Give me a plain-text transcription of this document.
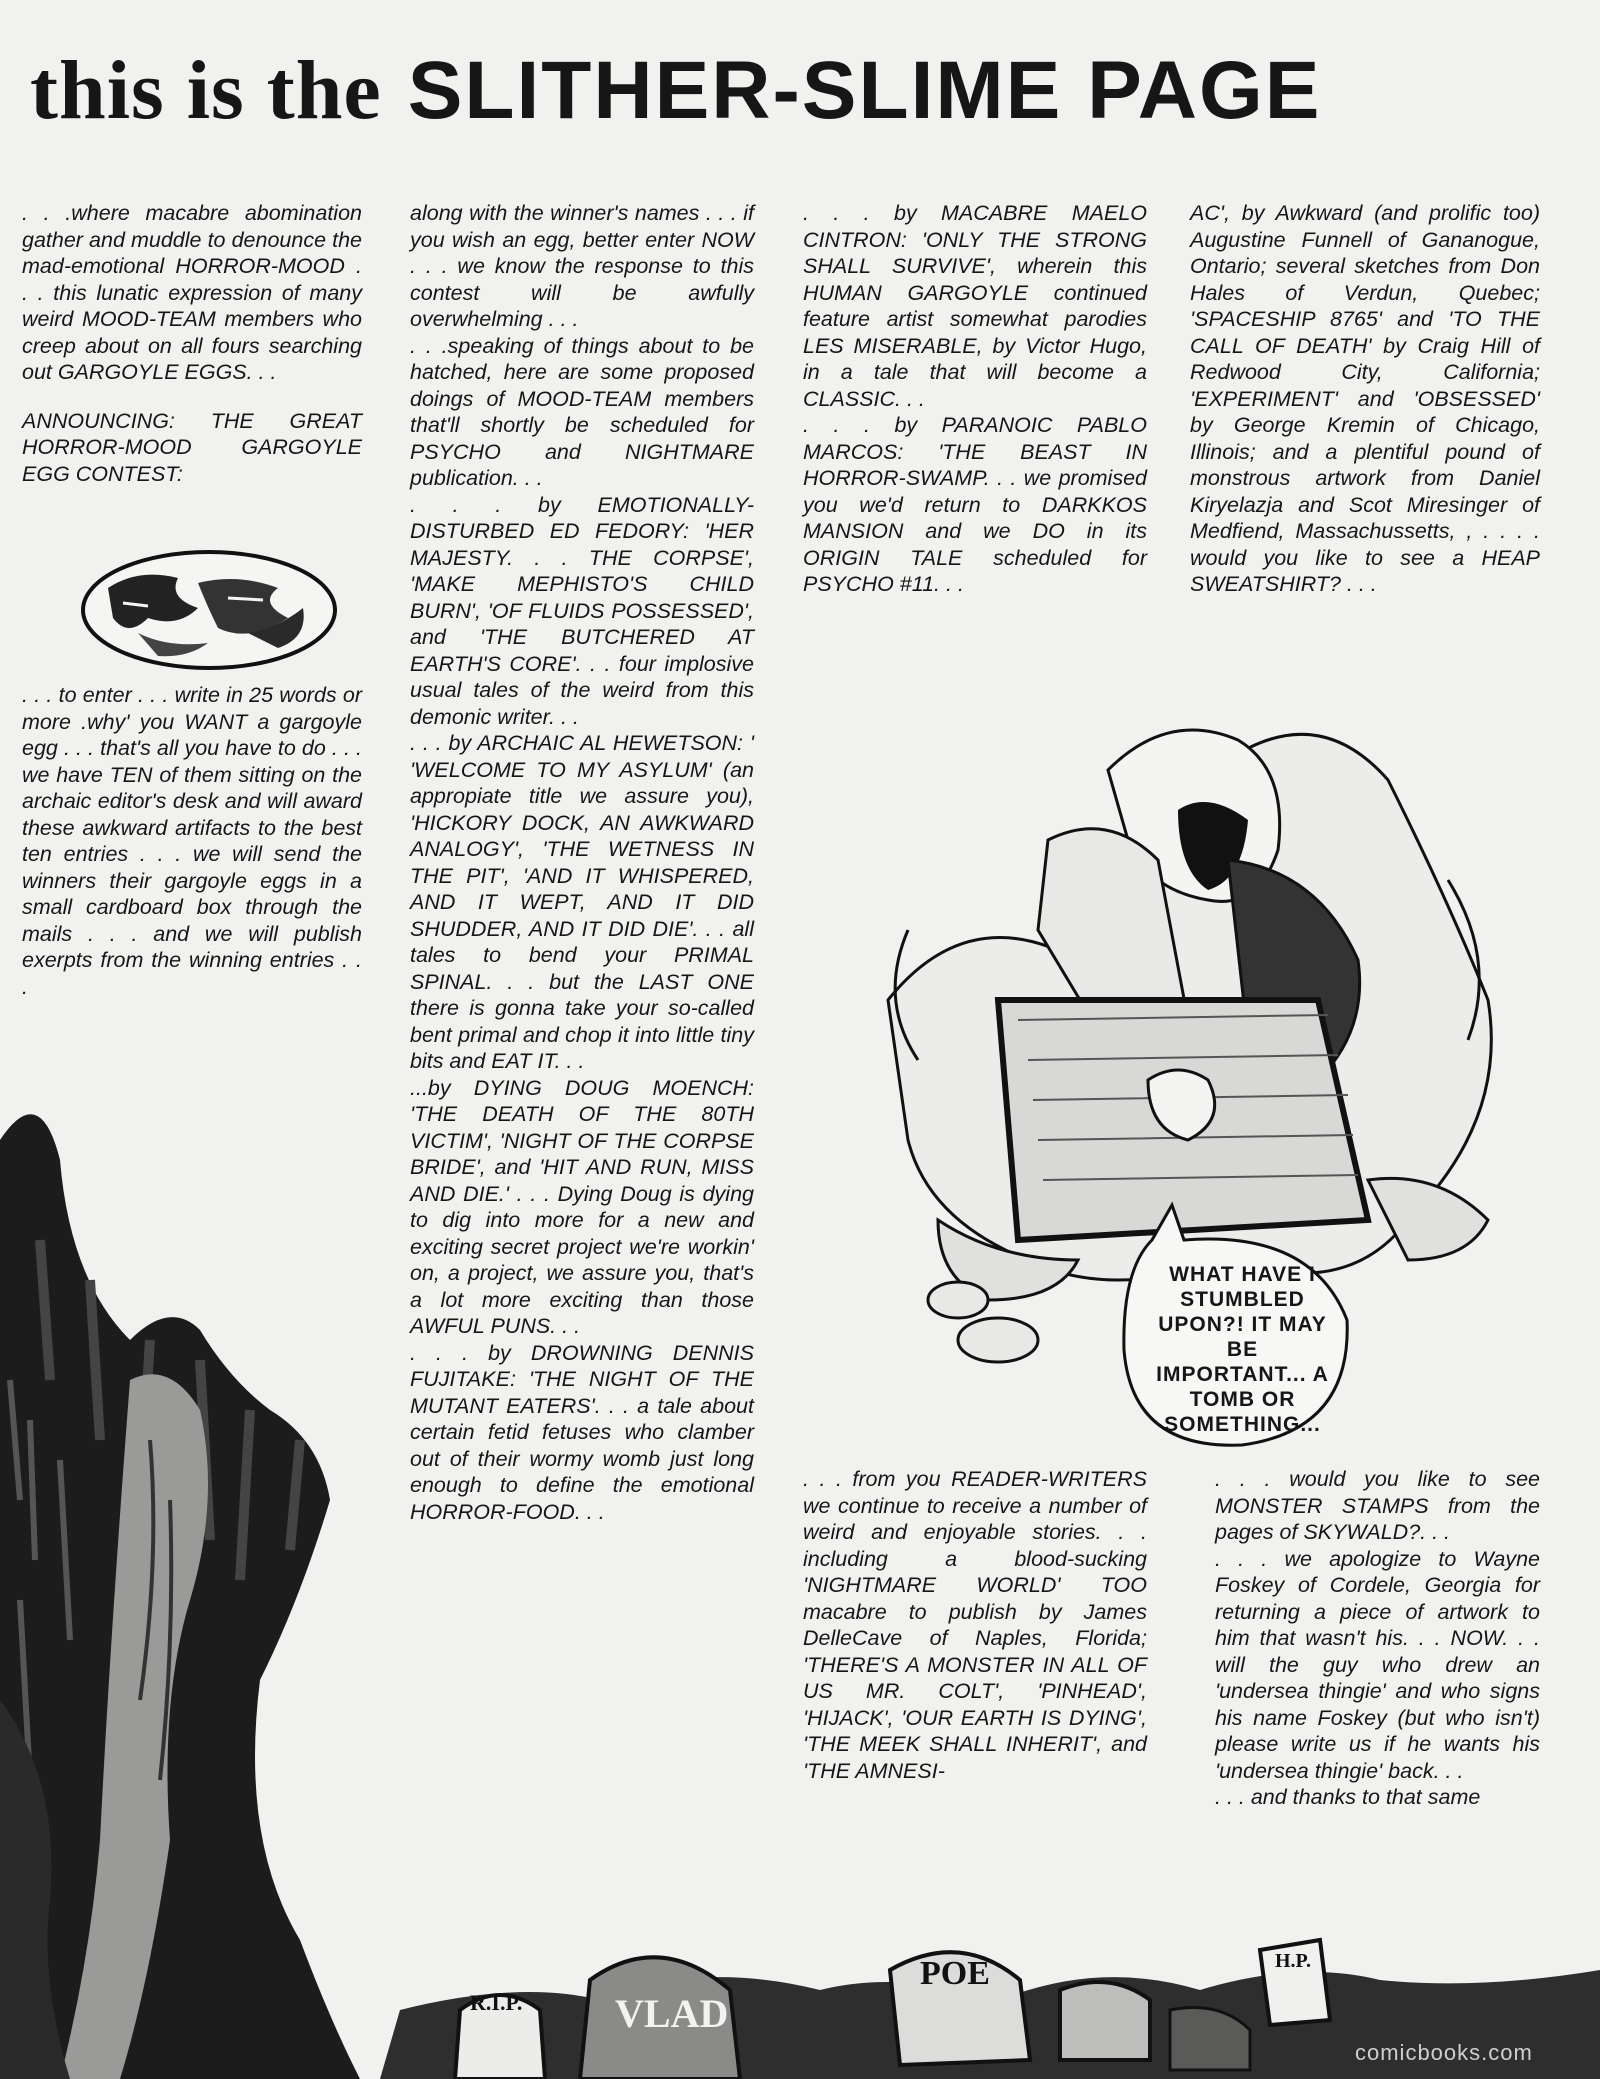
this is the SLITHER-SLIME PAGE

. . .where macabre abomination gather and muddle to denounce the mad-emotional HORROR-MOOD . . . this lunatic expression of many weird MOOD-TEAM members who creep about on all fours searching out GARGOYLE EGGS. . .

ANNOUNCING: THE GREAT HORROR-MOOD GARGOYLE EGG CONTEST:

. . . to enter . . . write in 25 words or more .why' you WANT a gargoyle egg . . . that's all you have to do . . . we have TEN of them sitting on the archaic editor's desk and will award these awkward artifacts to the best ten entries . . . we will send the winners their gargoyle eggs in a small cardboard box through the mails . . . and we will publish exerpts from the winning entries . . .

along with the winner's names . . . if you wish an egg, better enter NOW . . . we know the response to this contest will be awfully overwhelming . . .

. . .speaking of things about to be hatched, here are some proposed doings of MOOD-TEAM members that'll shortly be scheduled for PSYCHO and NIGHTMARE publication. . .

. . . by EMOTIONALLY-DISTURBED ED FEDORY: 'HER MAJESTY. . . THE CORPSE', 'MAKE MEPHISTO'S CHILD BURN', 'OF FLUIDS POSSESSED', and 'THE BUTCHERED AT EARTH'S CORE'. . . four implosive usual tales of the weird from this demonic writer. . .

. . . by ARCHAIC AL HEWETSON: ' 'WELCOME TO MY ASYLUM' (an appropiate title we assure you), 'HICKORY DOCK, AN AWKWARD ANALOGY', 'THE WETNESS IN THE PIT', 'AND IT WHISPERED, AND IT WEPT, AND IT DID SHUDDER, AND IT DID DIE'. . . all tales to bend your PRIMAL SPINAL. . . but the LAST ONE there is gonna take your so-called bent primal and chop it into little tiny bits and EAT IT. . .

...by DYING DOUG MOENCH: 'THE DEATH OF THE 80TH VICTIM', 'NIGHT OF THE CORPSE BRIDE', and 'HIT AND RUN, MISS AND DIE.' . . . Dying Doug is dying to dig into more for a new and exciting secret project we're workin' on, a project, we assure you, that's a lot more exciting than those AWFUL PUNS. . .

. . . by DROWNING DENNIS FUJITAKE: 'THE NIGHT OF THE MUTANT EATERS'. . . a tale about certain fetid fetuses who clamber out of their wormy womb just long enough to define the emotional HORROR-FOOD. . .

. . . by MACABRE MAELO CINTRON: 'ONLY THE STRONG SHALL SURVIVE', wherein this HUMAN GARGOYLE continued feature artist somewhat parodies LES MISERABLE, by Victor Hugo, in a tale that will become a CLASSIC. . .

. . . by PARANOIC PABLO MARCOS: 'THE BEAST IN HORROR-SWAMP. . . we promised you we'd return to DARKKOS MANSION and we DO in its ORIGIN TALE scheduled for PSYCHO #11. . .

AC', by Awkward (and prolific too) Augustine Funnell of Gananogue, Ontario; several sketches from Don Hales of Verdun, Quebec; 'SPACESHIP 8765' and 'TO THE CALL OF DEATH' by Craig Hill of Redwood City, California; 'EXPERIMENT' and 'OBSESSED' by George Kremin of Chicago, Illinois; and a plentiful pound of monstrous artwork from Daniel Kiryelazja and Scot Miresinger of Medfiend, Massachussetts, , . . . . would you like to see a HEAP SWEATSHIRT? . . .

WHAT HAVE I STUMBLED UPON?! IT MAY BE IMPORTANT... A TOMB OR SOMETHING...

. . . from you READER-WRITERS we continue to receive a number of weird and enjoyable stories. . . including a blood-sucking 'NIGHTMARE WORLD' TOO macabre to publish by James DelleCave of Naples, Florida; 'THERE'S A MONSTER IN ALL OF US MR. COLT', 'PINHEAD', 'HIJACK', 'OUR EARTH IS DYING', 'THE MEEK SHALL INHERIT', and 'THE AMNESI-

. . . would you like to see MONSTER STAMPS from the pages of SKYWALD?. . .

. . . we apologize to Wayne Foskey of Cordele, Georgia for returning a piece of artwork to him that wasn't his. . . NOW. . . will the guy who drew an 'undersea thingie' and who signs his name Foskey (but who isn't) please write us if he wants his 'undersea thingie' back. . .

. . . and thanks to that same

R.I.P. VLAD
POE	H.P.
comicbooks.com
